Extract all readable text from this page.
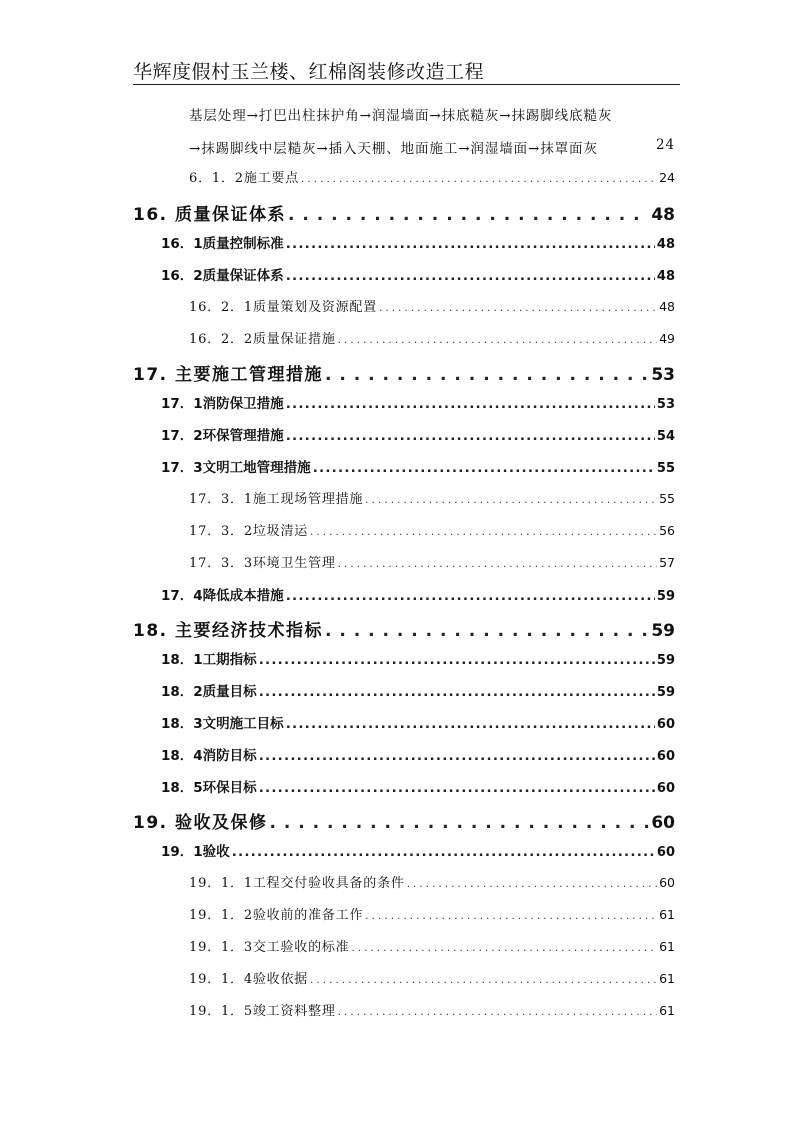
华辉度假村玉兰楼、红棉阁装修改造工程
基层处理→打巴出柱抹护角→润湿墙面→抹底糙灰→抹踢脚线底糙灰
→抹踢脚线中层糙灰→插入天棚、地面施工→润湿墙面→抹罩面灰	24
6．1．2施工要点 . . .	24
16. 质量保证体系 . . .	48
16．1质量控制标准 .....	48
16．2质量保证体系 .....	48
16．2．1质量策划及资源配置 . . .	48
16．2．2质量保证措施 . . .	49
17. 主要施工管理措施 . . .	53
17．1消防保卫措施 .....	53
17．2环保管理措施 .....	54
17．3文明工地管理措施 .....	55
17．3．1施工现场管理措施 . . .	55
17．3．2垃圾清运 . . .	56
17．3．3环境卫生管理 . . .	57
17．4降低成本措施 .....	59
18. 主要经济技术指标 . . .	59
18．1工期指标 .....	59
18．2质量目标 .....	59
18．3文明施工目标 .....	60
18．4消防目标 .....	60
18．5环保目标 .....	60
19. 验收及保修 . . .	60
19．1验收 .....	60
19．1．1工程交付验收具备的条件 . . .	60
19．1．2验收前的准备工作 . . .	61
19．1．3交工验收的标准 . . .	61
19．1．4验收依据 . . .	61
19．1．5竣工资料整理 . . .	61
